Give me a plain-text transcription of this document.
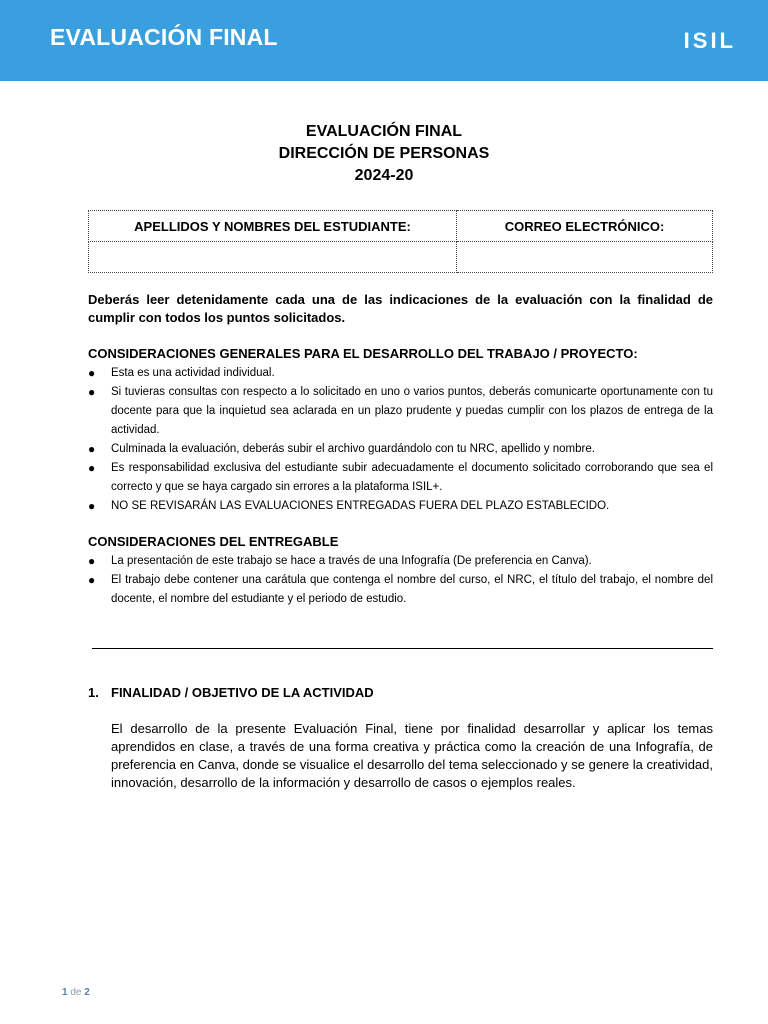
EVALUACIÓN FINAL	ISIL
EVALUACIÓN FINAL
DIRECCIÓN DE PERSONAS
2024-20
APELLIDOS Y NOMBRES DEL ESTUDIANTE:	CORREO ELECTRÓNICO:

Deberás leer detenidamente cada una de las indicaciones de la evaluación con la finalidad de cumplir con todos los puntos solicitados.

CONSIDERACIONES GENERALES PARA EL DESARROLLO DEL TRABAJO / PROYECTO:
● Esta es una actividad individual.
● Si tuvieras consultas con respecto a lo solicitado en uno o varios puntos, deberás comunicarte oportunamente con tu docente para que la inquietud sea aclarada en un plazo prudente y puedas cumplir con los plazos de entrega de la actividad.
● Culminada la evaluación, deberás subir el archivo guardándolo con tu NRC, apellido y nombre.
● Es responsabilidad exclusiva del estudiante subir adecuadamente el documento solicitado corroborando que sea el correcto y que se haya cargado sin errores a la plataforma ISIL+.
● NO SE REVISARÁN LAS EVALUACIONES ENTREGADAS FUERA DEL PLAZO ESTABLECIDO.
CONSIDERACIONES DEL ENTREGABLE
● La presentación de este trabajo se hace a través de una Infografía (De preferencia en Canva).
● El trabajo debe contener una carátula que contenga el nombre del curso, el NRC, el título del trabajo, el nombre del docente, el nombre del estudiante y el periodo de estudio.
1. FINALIDAD / OBJETIVO DE LA ACTIVIDAD

El desarrollo de la presente Evaluación Final, tiene por finalidad desarrollar y aplicar los temas aprendidos en clase, a través de una forma creativa y práctica como la creación de una Infografía, de preferencia en Canva, donde se visualice el desarrollo del tema seleccionado y se genere la creatividad, innovación, desarrollo de la información y desarrollo de casos o ejemplos reales.

1 de 2
